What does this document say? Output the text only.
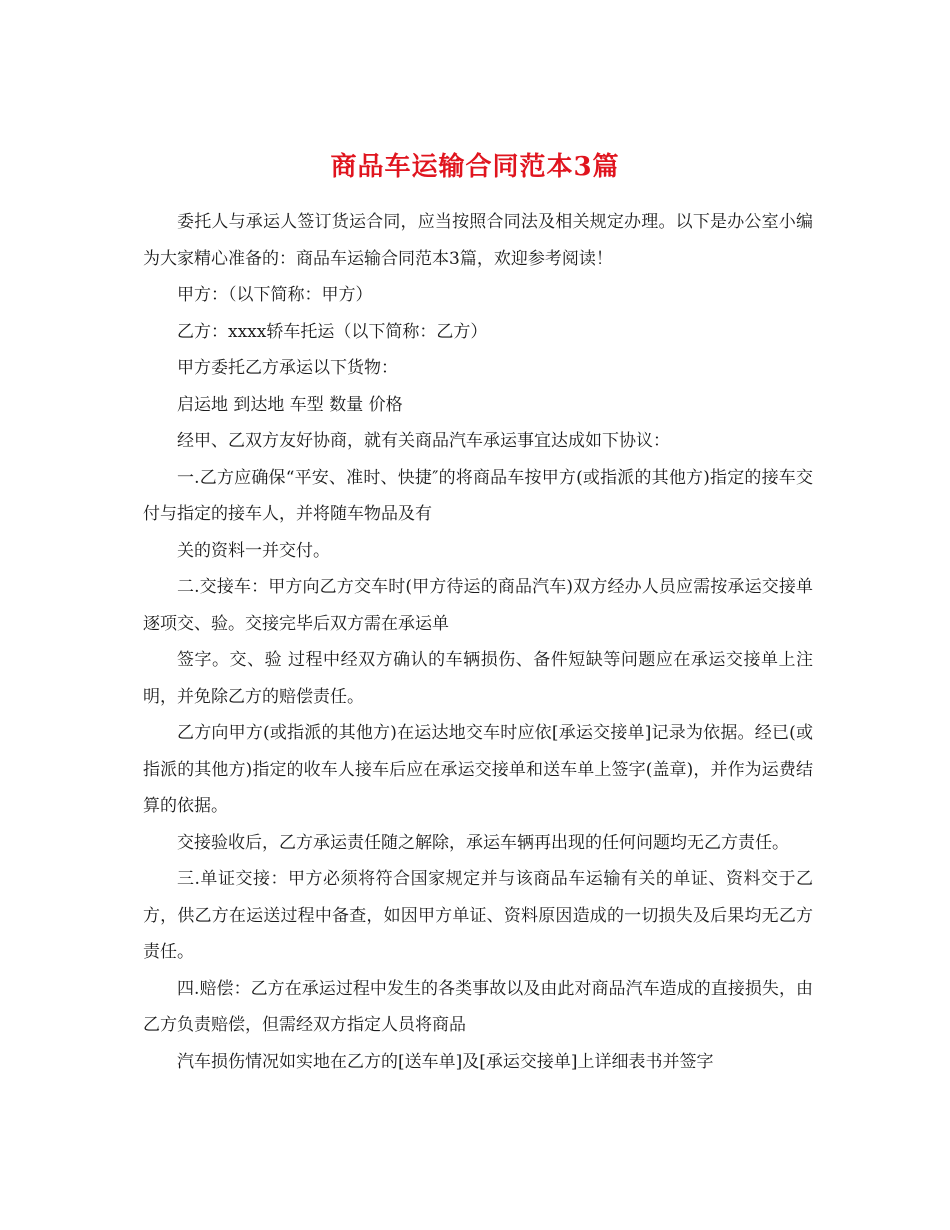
商品车运输合同范本3篇

委托人与承运人签订货运合同，应当按照合同法及相关规定办理。以下是办公室小编为大家精心准备的：商品车运输合同范本3篇，欢迎参考阅读！

甲方：（以下简称：甲方）

乙方：xxxx轿车托运（以下简称：乙方）

甲方委托乙方承运以下货物：

启运地 到达地 车型 数量 价格

经甲、乙双方友好协商，就有关商品汽车承运事宜达成如下协议：

一.乙方应确保“平安、准时、快捷″的将商品车按甲方(或指派的其他方)指定的接车交付与指定的接车人，并将随车物品及有

关的资料一并交付。

二.交接车：甲方向乙方交车时(甲方待运的商品汽车)双方经办人员应需按承运交接单逐项交、验。交接完毕后双方需在承运单

签字。交、验 过程中经双方确认的车辆损伤、备件短缺等问题应在承运交接单上注明，并免除乙方的赔偿责任。

乙方向甲方(或指派的其他方)在运达地交车时应依[承运交接单]记录为依据。经已(或指派的其他方)指定的收车人接车后应在承运交接单和送车单上签字(盖章)，并作为运费结算的依据。

交接验收后，乙方承运责任随之解除，承运车辆再出现的任何问题均无乙方责任。

三.单证交接：甲方必须将符合国家规定并与该商品车运输有关的单证、资料交于乙方，供乙方在运送过程中备查，如因甲方单证、资料原因造成的一切损失及后果均无乙方责任。

四.赔偿：乙方在承运过程中发生的各类事故以及由此对商品汽车造成的直接损失，由乙方负责赔偿，但需经双方指定人员将商品

汽车损伤情况如实地在乙方的[送车单]及[承运交接单]上详细表书并签字
